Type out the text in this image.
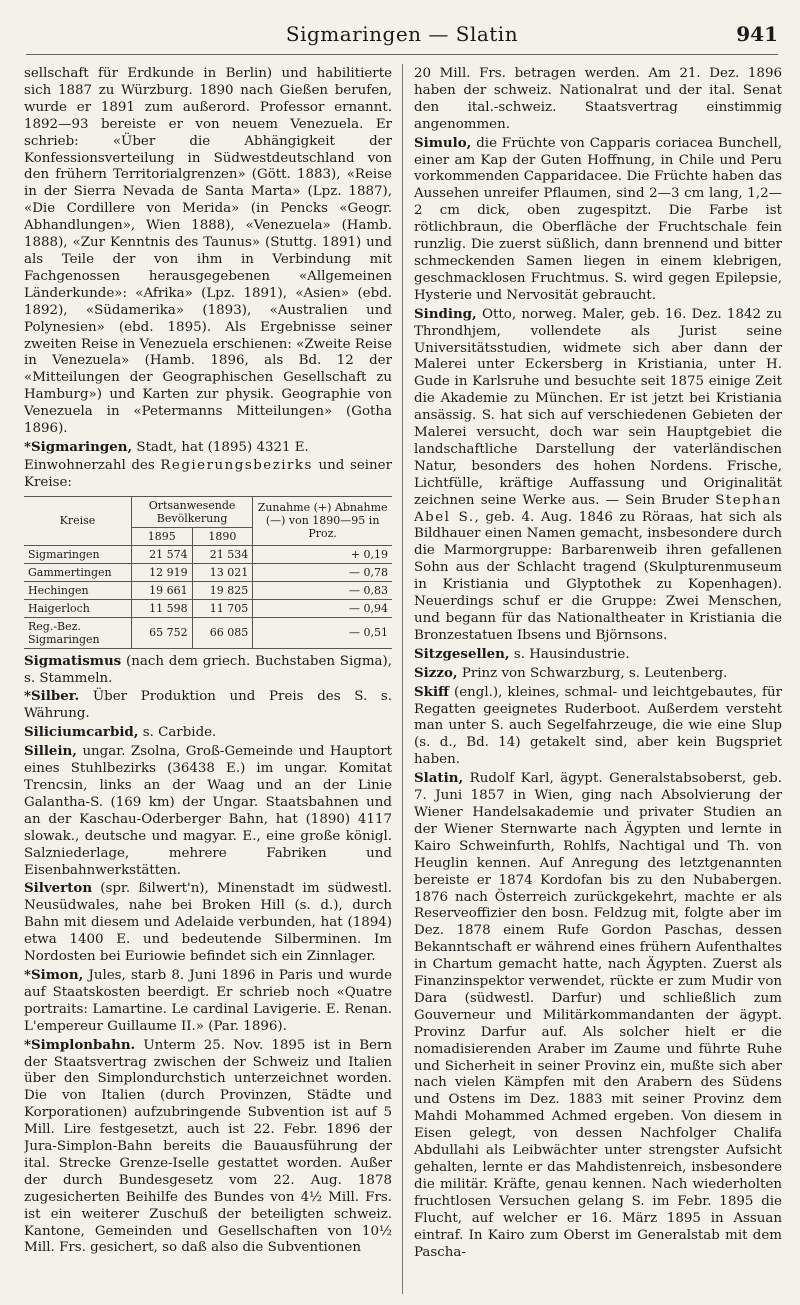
Sigmaringen — Slatin	941

sellschaft für Erdkunde in Berlin) und habilitierte sich 1887 zu Würzburg. 1890 nach Gießen berufen, wurde er 1891 zum außerord. Professor ernannt. 1892—93 bereiste er von neuem Venezuela. Er schrieb: «Über die Abhängigkeit der Konfessionsverteilung in Südwestdeutschland von den frühern Territorialgrenzen» (Gött. 1883), «Reise in der Sierra Nevada de Santa Marta» (Lpz. 1887), «Die Cordillere von Merida» (in Pencks «Geogr. Abhandlungen», Wien 1888), «Venezuela» (Hamb. 1888), «Zur Kenntnis des Taunus» (Stuttg. 1891) und als Teile der von ihm in Verbindung mit Fachgenossen herausgegebenen «Allgemeinen Länderkunde»: «Afrika» (Lpz. 1891), «Asien» (ebd. 1892), «Südamerika» (1893), «Australien und Polynesien» (ebd. 1895). Als Ergebnisse seiner zweiten Reise in Venezuela erschienen: «Zweite Reise in Venezuela» (Hamb. 1896, als Bd. 12 der «Mitteilungen der Geographischen Gesellschaft zu Hamburg») und Karten zur physik. Geographie von Venezuela in «Petermanns Mitteilungen» (Gotha 1896).

*Sigmaringen, Stadt, hat (1895) 4321 E.

Einwohnerzahl des Regierungsbezirks und seiner Kreise:

Kreise	Ortsanwesende Bevölkerung		Zunahme (+) Abnahme (—) von 1890—95 in Proz.
	1895	1890	
Sigmaringen	21 574	21 534	+ 0,19
Gammertingen	12 919	13 021	— 0,78
Hechingen	19 661	19 825	— 0,83
Haigerloch	11 598	11 705	— 0,94
Reg.-Bez. Sigmaringen	65 752	66 085	— 0,51

Sigmatismus (nach dem griech. Buchstaben Sigma), s. Stammeln.

*Silber. Über Produktion und Preis des S. s. Währung.

Siliciumcarbid, s. Carbide.

Sillein, ungar. Zsolna, Groß-Gemeinde und Hauptort eines Stuhlbezirks (36438 E.) im ungar. Komitat Trencsin, links an der Waag und an der Linie Galantha-S. (169 km) der Ungar. Staatsbahnen und an der Kaschau-Oderberger Bahn, hat (1890) 4117 slowak., deutsche und magyar. E., eine große königl. Salzniederlage, mehrere Fabriken und Eisenbahnwerkstätten.

Silverton (spr. ßilwert'n), Minenstadt im südwestl. Neusüdwales, nahe bei Broken Hill (s. d.), durch Bahn mit diesem und Adelaide verbunden, hat (1894) etwa 1400 E. und bedeutende Silberminen. Im Nordosten bei Euriowie befindet sich ein Zinnlager.

*Simon, Jules, starb 8. Juni 1896 in Paris und wurde auf Staatskosten beerdigt. Er schrieb noch «Quatre portraits: Lamartine. Le cardinal Lavigerie. E. Renan. L'empereur Guillaume II.» (Par. 1896).

*Simplonbahn. Unterm 25. Nov. 1895 ist in Bern der Staatsvertrag zwischen der Schweiz und Italien über den Simplondurchstich unterzeichnet worden. Die von Italien (durch Provinzen, Städte und Korporationen) aufzubringende Subvention ist auf 5 Mill. Lire festgesetzt, auch ist 22. Febr. 1896 der Jura-Simplon-Bahn bereits die Bauausführung der ital. Strecke Grenze-Iselle gestattet worden. Außer der durch Bundesgesetz vom 22. Aug. 1878 zugesicherten Beihilfe des Bundes von 4½ Mill. Frs. ist ein weiterer Zuschuß der beteiligten schweiz. Kantone, Gemeinden und Gesellschaften von 10½ Mill. Frs. gesichert, so daß also die Subventionen

20 Mill. Frs. betragen werden. Am 21. Dez. 1896 haben der schweiz. Nationalrat und der ital. Senat den ital.-schweiz. Staatsvertrag einstimmig angenommen.

Simulo, die Früchte von Capparis coriacea Bunchell, einer am Kap der Guten Hoffnung, in Chile und Peru vorkommenden Capparidacee. Die Früchte haben das Aussehen unreifer Pflaumen, sind 2—3 cm lang, 1,2—2 cm dick, oben zugespitzt. Die Farbe ist rötlichbraun, die Oberfläche der Fruchtschale fein runzlig. Die zuerst süßlich, dann brennend und bitter schmeckenden Samen liegen in einem klebrigen, geschmacklosen Fruchtmus. S. wird gegen Epilepsie, Hysterie und Nervosität gebraucht.

Sinding, Otto, norweg. Maler, geb. 16. Dez. 1842 zu Throndhjem, vollendete als Jurist seine Universitätsstudien, widmete sich aber dann der Malerei unter Eckersberg in Kristiania, unter H. Gude in Karlsruhe und besuchte seit 1875 einige Zeit die Akademie zu München. Er ist jetzt bei Kristiania ansässig. S. hat sich auf verschiedenen Gebieten der Malerei versucht, doch war sein Hauptgebiet die landschaftliche Darstellung der vaterländischen Natur, besonders des hohen Nordens. Frische, Lichtfülle, kräftige Auffassung und Originalität zeichnen seine Werke aus. — Sein Bruder Stephan Abel S., geb. 4. Aug. 1846 zu Röraas, hat sich als Bildhauer einen Namen gemacht, insbesondere durch die Marmorgruppe: Barbarenweib ihren gefallenen Sohn aus der Schlacht tragend (Skulpturenmuseum in Kristiania und Glyptothek zu Kopenhagen). Neuerdings schuf er die Gruppe: Zwei Menschen, und begann für das Nationaltheater in Kristiania die Bronzestatuen Ibsens und Björnsons.

Sitzgesellen, s. Hausindustrie.

Sizzo, Prinz von Schwarzburg, s. Leutenberg.

Skiff (engl.), kleines, schmal- und leichtgebautes, für Regatten geeignetes Ruderboot. Außerdem versteht man unter S. auch Segelfahrzeuge, die wie eine Slup (s. d., Bd. 14) getakelt sind, aber kein Bugspriet haben.

Slatin, Rudolf Karl, ägypt. Generalstabsoberst, geb. 7. Juni 1857 in Wien, ging nach Absolvierung der Wiener Handelsakademie und privater Studien an der Wiener Sternwarte nach Ägypten und lernte in Kairo Schweinfurth, Rohlfs, Nachtigal und Th. von Heuglin kennen. Auf Anregung des letztgenannten bereiste er 1874 Kordofan bis zu den Nubabergen. 1876 nach Österreich zurückgekehrt, machte er als Reserveoffizier den bosn. Feldzug mit, folgte aber im Dez. 1878 einem Rufe Gordon Paschas, dessen Bekanntschaft er während eines frühern Aufenthaltes in Chartum gemacht hatte, nach Ägypten. Zuerst als Finanzinspektor verwendet, rückte er zum Mudir von Dara (südwestl. Darfur) und schließlich zum Gouverneur und Militärkommandanten der ägypt. Provinz Darfur auf. Als solcher hielt er die nomadisierenden Araber im Zaume und führte Ruhe und Sicherheit in seiner Provinz ein, mußte sich aber nach vielen Kämpfen mit den Arabern des Südens und Ostens im Dez. 1883 mit seiner Provinz dem Mahdi Mohammed Achmed ergeben. Von diesem in Eisen gelegt, von dessen Nachfolger Chalifa Abdullahi als Leibwächter unter strengster Aufsicht gehalten, lernte er das Mahdistenreich, insbesondere die militär. Kräfte, genau kennen. Nach wiederholten fruchtlosen Versuchen gelang S. im Febr. 1895 die Flucht, auf welcher er 16. März 1895 in Assuan eintraf. In Kairo zum Oberst im Generalstab mit dem Pascha-
